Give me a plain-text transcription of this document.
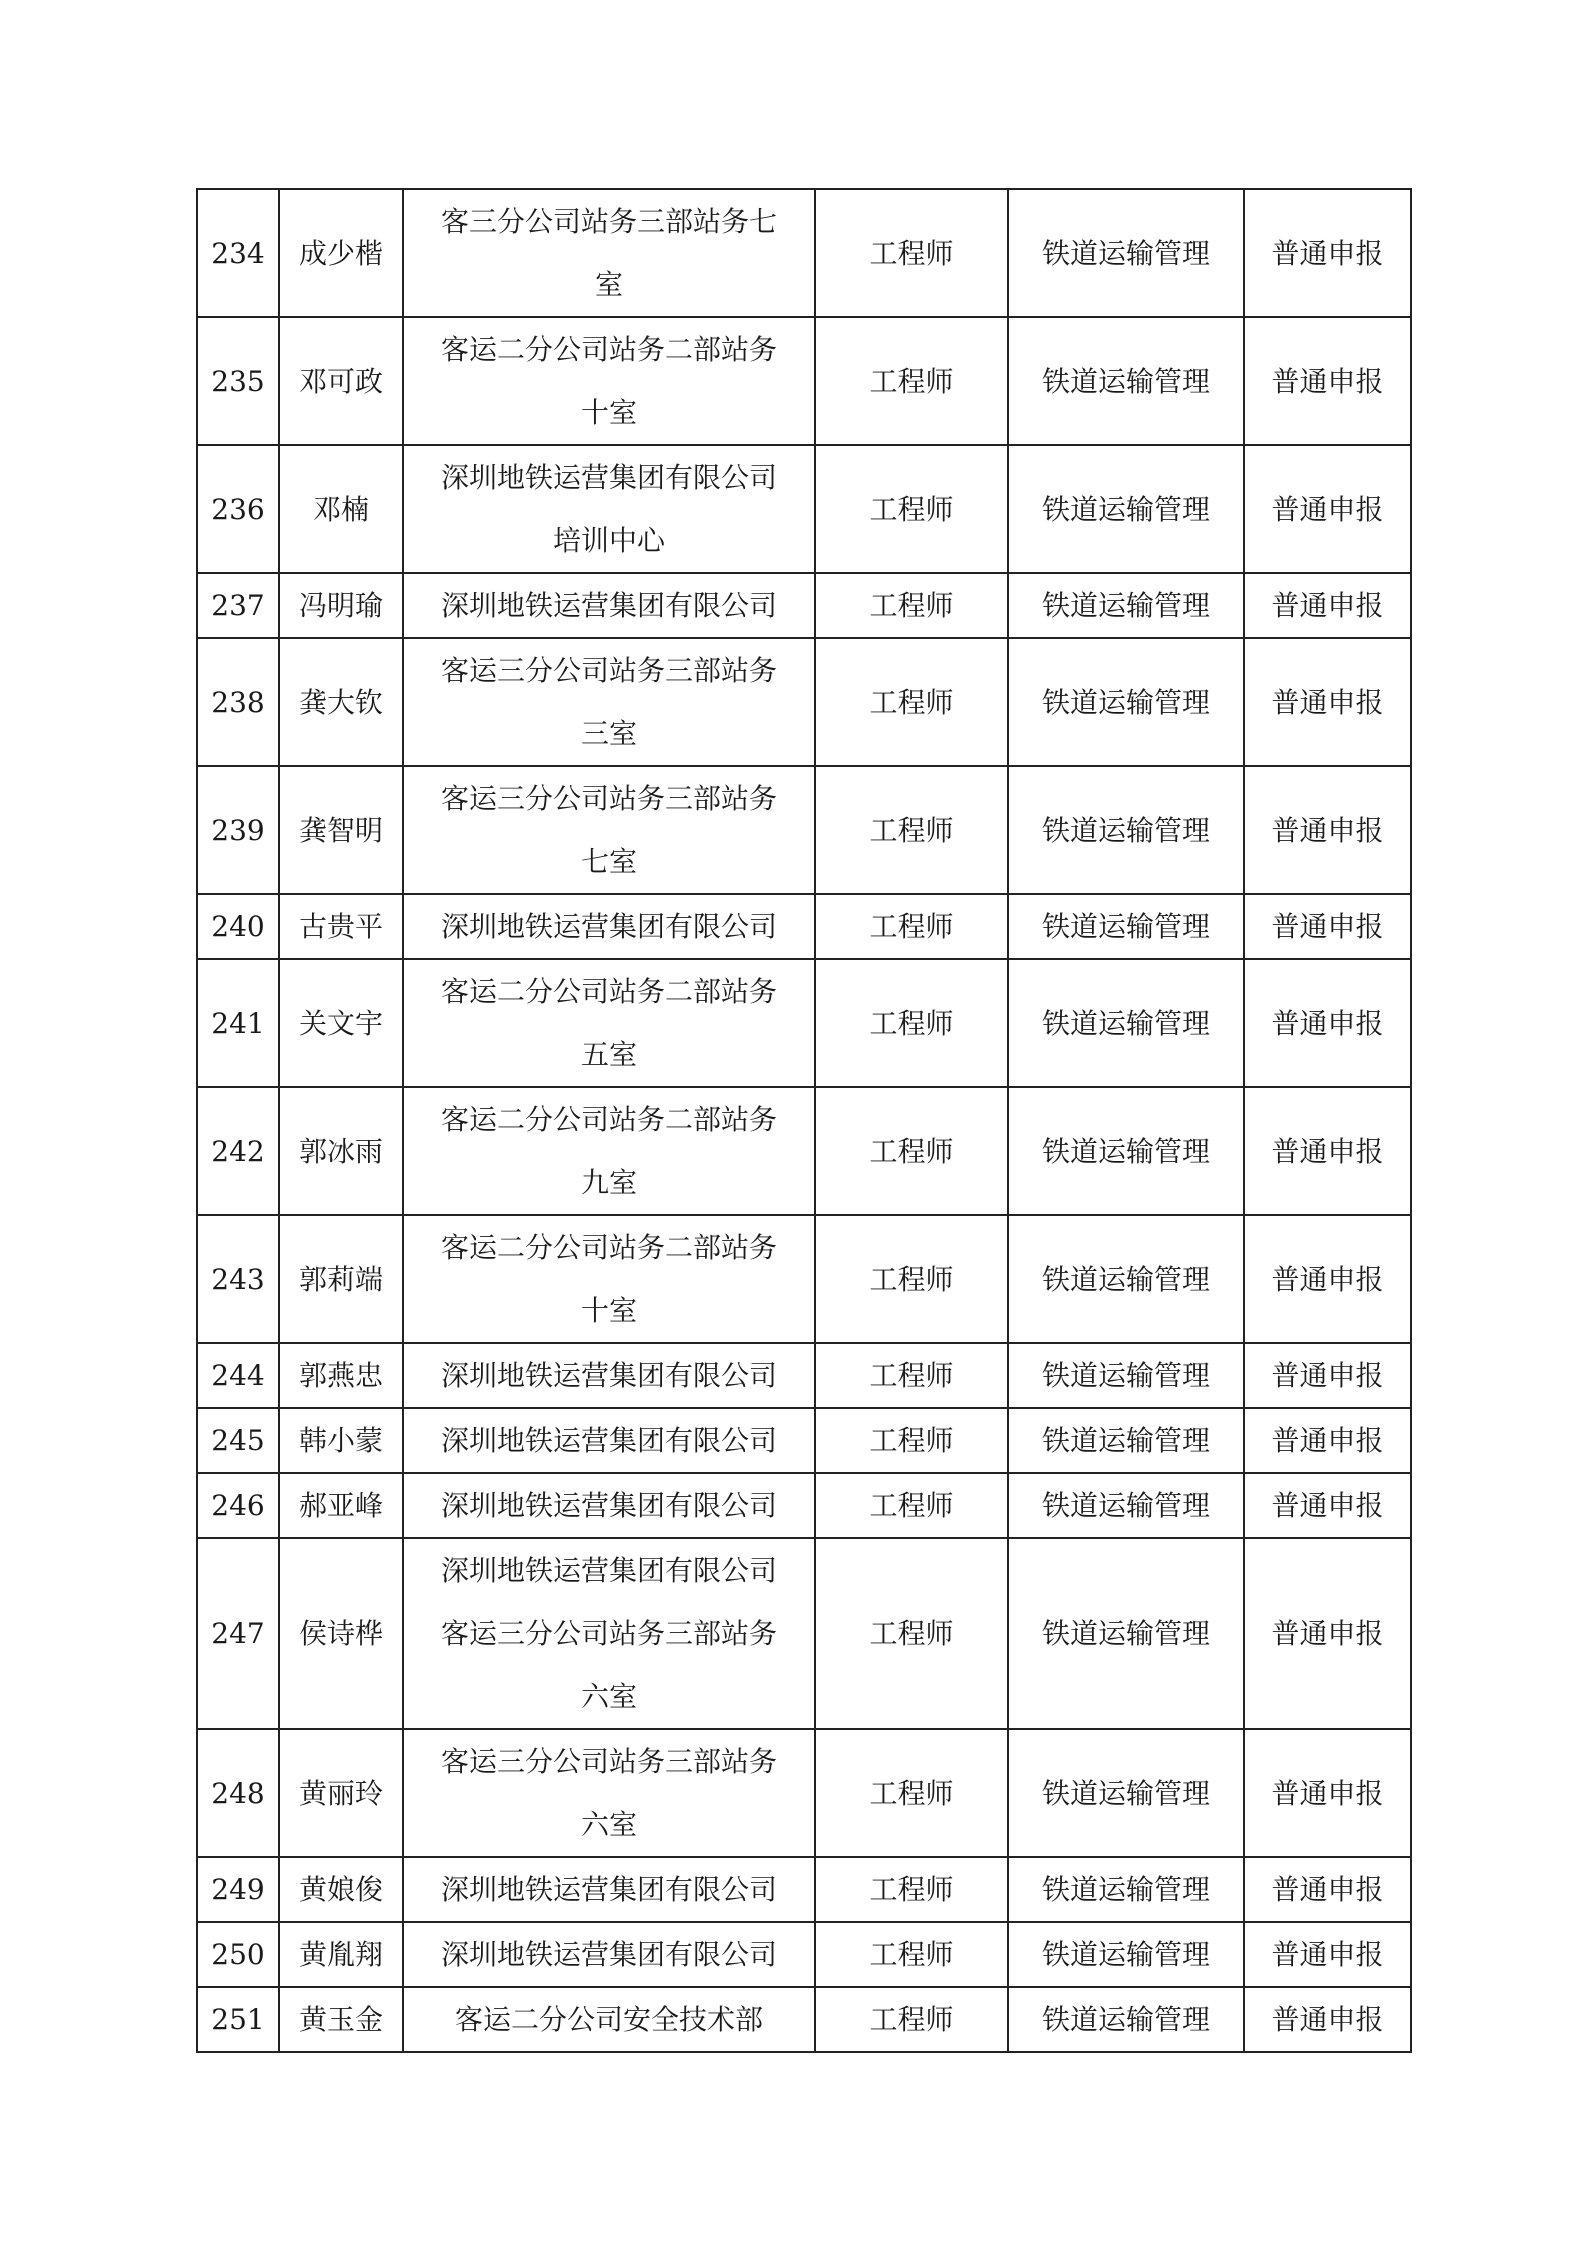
234	成少楷	客三分公司站务三部站务七室	工程师	铁道运输管理	普通申报
235	邓可政	客运二分公司站务二部站务十室	工程师	铁道运输管理	普通申报
236	邓楠	深圳地铁运营集团有限公司培训中心	工程师	铁道运输管理	普通申报
237	冯明瑜	深圳地铁运营集团有限公司	工程师	铁道运输管理	普通申报
238	龚大钦	客运三分公司站务三部站务三室	工程师	铁道运输管理	普通申报
239	龚智明	客运三分公司站务三部站务七室	工程师	铁道运输管理	普通申报
240	古贵平	深圳地铁运营集团有限公司	工程师	铁道运输管理	普通申报
241	关文宇	客运二分公司站务二部站务五室	工程师	铁道运输管理	普通申报
242	郭冰雨	客运二分公司站务二部站务九室	工程师	铁道运输管理	普通申报
243	郭莉端	客运二分公司站务二部站务十室	工程师	铁道运输管理	普通申报
244	郭燕忠	深圳地铁运营集团有限公司	工程师	铁道运输管理	普通申报
245	韩小蒙	深圳地铁运营集团有限公司	工程师	铁道运输管理	普通申报
246	郝亚峰	深圳地铁运营集团有限公司	工程师	铁道运输管理	普通申报
247	侯诗桦	深圳地铁运营集团有限公司客运三分公司站务三部站务六室	工程师	铁道运输管理	普通申报
248	黄丽玲	客运三分公司站务三部站务六室	工程师	铁道运输管理	普通申报
249	黄娘俊	深圳地铁运营集团有限公司	工程师	铁道运输管理	普通申报
250	黄胤翔	深圳地铁运营集团有限公司	工程师	铁道运输管理	普通申报
251	黄玉金	客运二分公司安全技术部	工程师	铁道运输管理	普通申报
